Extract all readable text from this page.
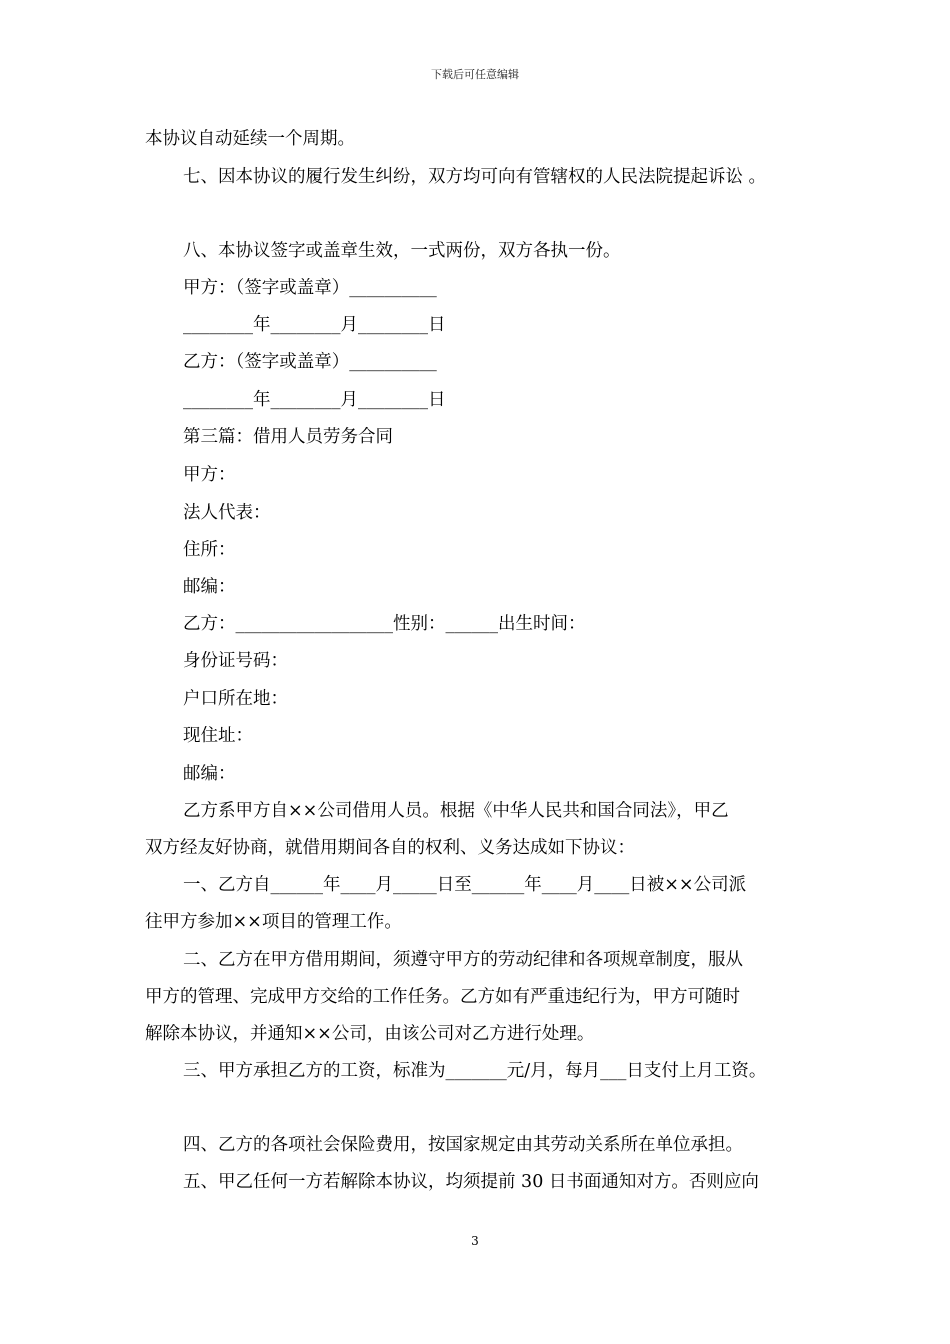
下载后可任意编辑
本协议自动延续一个周期。
七、因本协议的履行发生纠纷，双方均可向有管辖权的人民法院提起诉讼 。
八、本协议签字或盖章生效，一式两份，双方各执一份。
甲方：（签字或盖章）__________
________年________月________日
乙方：（签字或盖章）__________
________年________月________日
第三篇：借用人员劳务合同
甲方：
法人代表：
住所：
邮编：
乙方：__________________性别：______出生时间：
身份证号码：
户口所在地：
现住址：
邮编：
乙方系甲方自××公司借用人员。根据《中华人民共和国合同法》，甲乙
双方经友好协商，就借用期间各自的权利、义务达成如下协议：
一、乙方自______年____月_____日至______年____月____日被××公司派
往甲方参加××项目的管理工作。
二、乙方在甲方借用期间，须遵守甲方的劳动纪律和各项规章制度，服从
甲方的管理、完成甲方交给的工作任务。乙方如有严重违纪行为，甲方可随时
解除本协议，并通知××公司，由该公司对乙方进行处理。
三、甲方承担乙方的工资，标准为_______元/月，每月___日支付上月工资。
四、乙方的各项社会保险费用，按国家规定由其劳动关系所在单位承担。
五、甲乙任何一方若解除本协议，均须提前 30 日书面通知对方。否则应向
3
